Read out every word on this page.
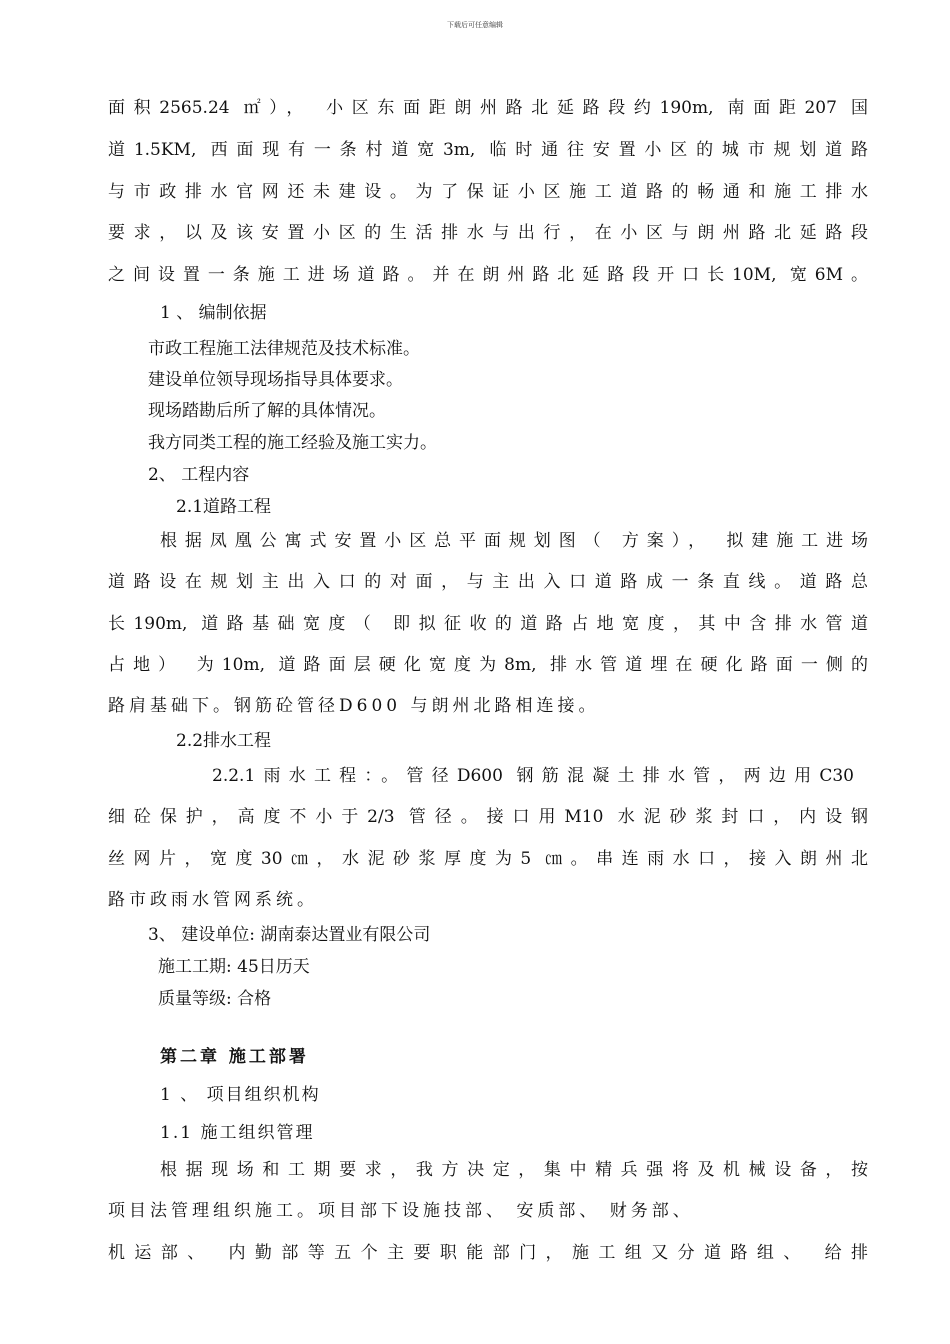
下载后可任意编辑
面积2565.24 ㎡）， 小区东面距朗州路北延路段约190m, 南面距207 国
道1.5KM, 西面现有一条村道宽3m, 临时通往安置小区的城市规划道路
与市政排水官网还未建设。为了保证小区施工道路的畅通和施工排水
要求，以及该安置小区的生活排水与出行，在小区与朗州路北延路段
之间设置一条施工进场道路。并在朗州路北延路段开口长10M, 宽6M。
1 、 编制依据
市政工程施工法律规范及技术标准。
建设单位领导现场指导具体要求。
现场踏勘后所了解的具体情况。
我方同类工程的施工经验及施工实力。
2、 工程内容
2.1道路工程
根据凤凰公寓式安置小区总平面规划图（ 方案）， 拟建施工进场
道路设在规划主出入口的对面，与主出入口道路成一条直线。道路总
长190m, 道路基础宽度（ 即拟征收的道路占地宽度，其中含排水管道
占地） 为10m, 道路面层硬化宽度为8m, 排水管道埋在硬化路面一侧的
路肩基础下。钢筋砼管径D600 与朗州北路相连接。
2.2排水工程
2.2.1雨水工程：。管径D600 钢筋混凝土排水管，两边用C30
细砼保护，高度不小于2/3 管径。接口用M10 水泥砂浆封口，内设钢
丝网片，宽度30㎝，水泥砂浆厚度为5 ㎝。串连雨水口，接入朗州北
路市政雨水管网系统。
3、 建设单位: 湖南泰达置业有限公司
施工工期: 45日历天
质量等级: 合格
第二章 施工部署
1 、 项目组织机构
1.1 施工组织管理
根据现场和工期要求，我方决定，集中精兵强将及机械设备，按
项目法管理组织施工。项目部下设施技部、 安质部、 财务部、
机运部、 内勤部等五个主要职能部门，施工组又分道路组、 给排
